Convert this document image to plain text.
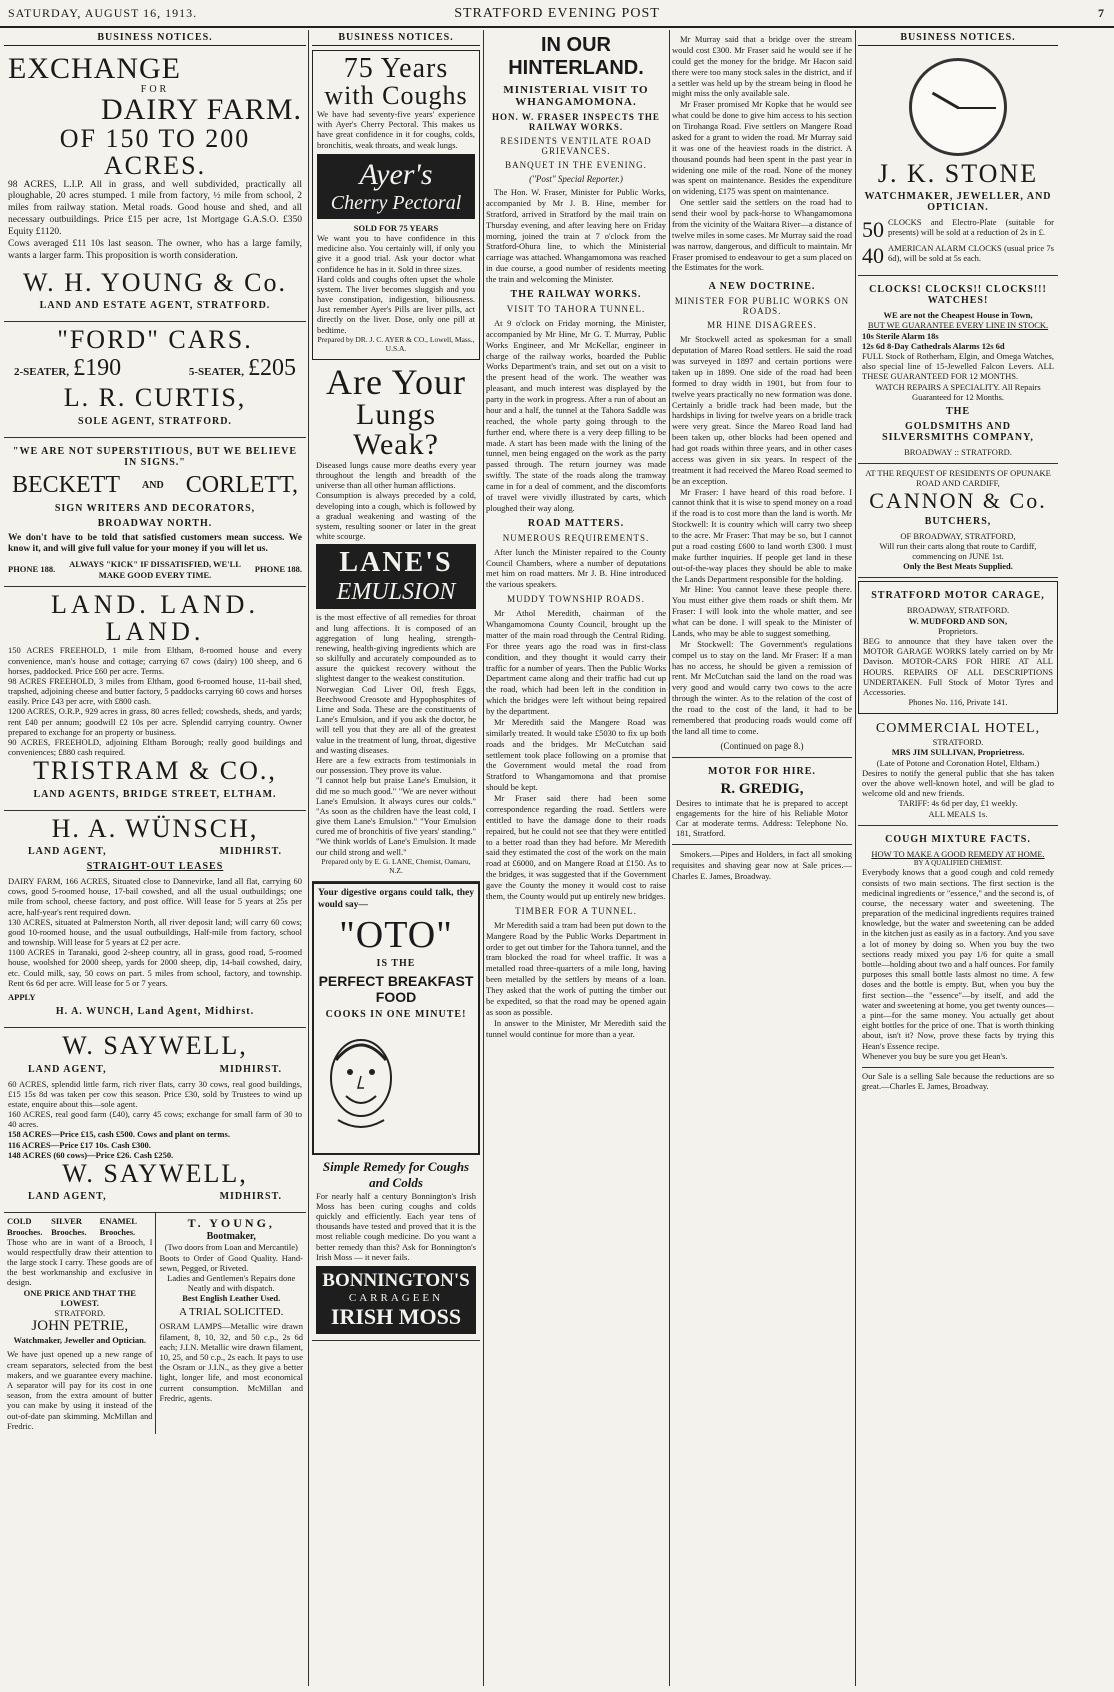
SATURDAY, AUGUST 16, 1913.	STRATFORD EVENING POST	7
BUSINESS NOTICES.
EXCHANGE
FOR
DAIRY FARM.
OF 150 TO 200 ACRES.
98 ACRES, L.I.P. All in grass, and well subdivided, practically all ploughable, 20 acres stumped. 1 mile from factory, ½ mile from school, 2 miles from railway station. Metal roads. Good house and shed, and all necessary outbuildings. Price £15 per acre, 1st Mortgage G.A.S.O. £350 Equity £1120.
Cows averaged £11 10s last season. The owner, who has a large family, wants a larger farm. This proposition is worth consideration.
W. H. YOUNG & Co.
LAND AND ESTATE AGENT, STRATFORD.
"FORD" CARS.
2-SEATER, £190	5-SEATER, £205
L. R. CURTIS,
SOLE AGENT, STRATFORD.
"WE ARE NOT SUPERSTITIOUS, BUT WE BELIEVE IN SIGNS."
BECKETT AND CORLETT,
SIGN WRITERS AND DECORATORS,
BROADWAY NORTH.
We don't have to be told that satisfied customers mean success. We know it, and will give full value for your money if you will let us.
PHONE 188.
ALWAYS "KICK" IF DISSATISFIED, WE'LL MAKE GOOD EVERY TIME.
PHONE 188.
LAND. LAND. LAND.
150 ACRES FREEHOLD, 1 mile from Eltham, 8-roomed house and every convenience, man's house and cottage; carrying 67 cows (dairy) 100 sheep, and 6 horses, paddocked. Price £60 per acre. Terms.
98 ACRES FREEHOLD, 3 miles from Eltham, good 6-roomed house, 11-bail shed, trapshed, adjoining cheese and butter factory, 5 paddocks carrying 60 cows and horses easily. Price £43 per acre, with £800 cash.
1200 ACRES, O.R.P., 929 acres in grass, 80 acres felled; cowsheds, sheds, and yards; rent £40 per annum; goodwill £2 10s per acre. Splendid carrying country. Owner prepared to exchange for an property or business.
90 ACRES, FREEHOLD, adjoining Eltham Borough; really good buildings and conveniences; £880 cash required.
TRISTRAM & CO.,
LAND AGENTS, BRIDGE STREET, ELTHAM.
H. A. WÜNSCH,
LAND AGENT,	MIDHIRST.
STRAIGHT-OUT LEASES
DAIRY FARM, 166 ACRES, Situated close to Dannevirke, land all flat, carrying 60 cows, good 5-roomed house, 17-bail cowshed, and all the usual outbuildings; one mile from school, cheese factory, and post office. Will lease for 5 years at 25s per acre, half-year's rent required down.
130 ACRES, situated at Palmerston North, all river deposit land; will carry 60 cows; good 10-roomed house, and the usual outbuildings, Half-mile from factory, school and township. Will lease for 5 years at £2 per acre.
1100 ACRES in Taranaki, good 2-sheep country, all in grass, good road, 5-roomed house, woolshed for 2000 sheep, yards for 2000 sheep, dip, 14-bail cowshed, dairy, etc. Could milk, say, 50 cows on part. 5 miles from school, factory, and township. Rent 6s 6d per acre. Will lease for 5 or 7 years.
APPLY
H. A. WUNCH, Land Agent, Midhirst.
W. SAYWELL,
LAND AGENT,	MIDHIRST.
60 ACRES, splendid little farm, rich river flats, carry 30 cows, real good buildings, £15 15s 8d was taken per cow this season. Price £30, sold by Trustees to wind up estate, enquire about this—sole agent.
160 ACRES, real good farm (£40), carry 45 cows; exchange for small farm of 30 to 40 acres.
158 ACRES—Price £15, cash £500. Cows and plant on terms.
116 ACRES—Price £17 10s. Cash £300.
148 ACRES (60 cows)—Price £26. Cash £250.
W. SAYWELL,
LAND AGENT,	MIDHIRST.
COLD Brooches.
SILVER Brooches.
ENAMEL Brooches.
Those who are in want of a Brooch, I would respectfully draw their attention to the large stock I carry. These goods are of the best workmanship and exclusive in design.
ONE PRICE AND THAT THE LOWEST.
STRATFORD.
JOHN PETRIE,
Watchmaker, Jeweller and Optician.
We have just opened up a new range of cream separators, selected from the best makers, and we guarantee every machine. A separator will pay for its cost in one season, from the extra amount of butter you can make by using it instead of the out-of-date pan skimming. McMillan and Fredric.
T. YOUNG,
Bootmaker,
(Two doors from Loan and Mercantile)
Boots to Order of Good Quality. Hand-sewn, Pegged, or Riveted.
Ladies and Gentlemen's Repairs done Neatly and with dispatch.
Best English Leather Used.
A TRIAL SOLICITED.
OSRAM LAMPS—Metallic wire drawn filament, 8, 10, 32, and 50 c.p., 2s 6d each; J.I.N. Metallic wire drawn filament, 10, 25, and 50 c.p., 2s each. It pays to use the Osram or J.I.N., as they give a better light, longer life, and most economical current consumption. McMillan and Fredric, agents.
BUSINESS NOTICES.
75 Years
with Coughs
We have had seventy-five years' experience with Ayer's Cherry Pectoral. This makes us have great confidence in it for coughs, colds, bronchitis, weak throats, and weak lungs.
Ayer's
Cherry Pectoral
SOLD FOR 75 YEARS
We want you to have confidence in this medicine also. You certainly will, if only you give it a good trial. Ask your doctor what confidence he has in it. Sold in three sizes.
Hard colds and coughs often upset the whole system. The liver becomes sluggish and you have constipation, indigestion, biliousness. Just remember Ayer's Pills are liver pills, act directly on the liver. Dose, only one pill at bedtime.
Prepared by DR. J. C. AYER & CO., Lowell, Mass., U.S.A.
Are Your
Lungs Weak?
Diseased lungs cause more deaths every year throughout the length and breadth of the universe than all other human afflictions.
Consumption is always preceded by a cold, developing into a cough, which is followed by a gradual weakening and wasting of the system, resulting sooner or later in the great white scourge.
LANE'S
EMULSION
is the most effective of all remedies for throat and lung affections. It is composed of an aggregation of lung healing, strength-renewing, health-giving ingredients which are so skilfully and accurately compounded as to assure the quickest recovery without the slightest danger to the weakest constitution.
Norwegian Cod Liver Oil, fresh Eggs, Beechwood Creosote and Hypophosphites of Lime and Soda. These are the constituents of Lane's Emulsion, and if you ask the doctor, he will tell you that they are all of the greatest value in the treatment of lung, throat, digestive and wasting diseases.
Here are a few extracts from testimonials in our possession. They prove its value.
"I cannot help but praise Lane's Emulsion, it did me so much good." "We are never without Lane's Emulsion. It always cures our colds." "As soon as the children have the least cold, I give them Lane's Emulsion." "Your Emulsion cured me of bronchitis of five years' standing." "We think worlds of Lane's Emulsion. It made our child strong and well."
Prepared only by E. G. LANE, Chemist, Oamaru, N.Z.
Your digestive organs could talk, they would say—
"OTO"
IS THE
PERFECT BREAKFAST FOOD
COOKS IN ONE MINUTE!
Simple Remedy for Coughs and Colds
For nearly half a century Bonnington's Irish Moss has been curing coughs and colds quickly and efficiently. Each year tens of thousands have tested and proved that it is the most reliable cough medicine. Do you want a better remedy than this? Ask for Bonnington's Irish Moss — it never fails.
BONNINGTON'S
CARRAGEEN
IRISH MOSS
IN OUR HINTERLAND.
MINISTERIAL VISIT TO WHANGAMOMONA.
HON. W. FRASER INSPECTS THE RAILWAY WORKS.
RESIDENTS VENTILATE ROAD GRIEVANCES.
BANQUET IN THE EVENING.
("Post" Special Reporter.)

The Hon. W. Fraser, Minister for Public Works, accompanied by Mr J. B. Hine, member for Stratford, arrived in Stratford by the mail train on Thursday evening, and after leaving here on Friday morning, joined the train at 7 o'clock from the Stratford-Ohura line, to which the Ministerial carriage was attached. Whangamomona was reached in due course, a good number of residents meeting the train and welcoming the Minister.

THE RAILWAY WORKS.
VISIT TO TAHORA TUNNEL.

At 9 o'clock on Friday morning, the Minister, accompanied by Mr Hine, Mr G. T. Murray, Public Works Engineer, and Mr McKellar, engineer in charge of the railway works, boarded the Public Works Department's train, and set out on a visit to the present head of the work. The weather was pleasant, and much interest was displayed by the party in the work in progress. After a run of about an hour and a half, the tunnel at the Tahora Saddle was reached, the whole party going through to the further end, where there is a very deep filling to be made. A start has been made with the lining of the tunnel, men being engaged on the work as the party passed through. The return journey was made swiftly. The state of the roads along the tramway came in for a deal of comment, and the discomforts of travel were vividly illustrated by carts, which ploughed their way along.

ROAD MATTERS.
NUMEROUS REQUIREMENTS.

After lunch the Minister repaired to the County Council Chambers, where a number of deputations met him on road matters. Mr J. B. Hine introduced the various speakers.

MUDDY TOWNSHIP ROADS.

Mr Athol Meredith, chairman of the Whangamomona County Council, brought up the matter of the main road through the Central Riding. For three years ago the road was in first-class condition, and they thought it would carry their traffic for a number of years. Then the Public Works Department came along and their traffic had cut up the road, which had been left in the condition in which the bridges were left without being repaired by the department.

Mr Meredith said the Mangere Road was similarly treated. It would take £5030 to fix up both roads and the bridges. Mr McCutchan said settlement took place following on a promise that the Government would metal the road from Stratford to Whangamomona and that promise should be kept.

Mr Fraser said there had been some correspondence regarding the road. Settlers were entitled to have the damage done to their roads repaired, but he could not see that they were entitled to a better road than they had before. Mr Meredith said they estimated the cost of the work on the main road at £6000, and on Mangere Road at £150. As to the bridges, it was suggested that if the Government gave the County the money it would cost to raise them, the County would put up entirely new bridges.

TIMBER FOR A TUNNEL.

Mr Meredith said a tram had been put down to the Mangere Road by the Public Works Department in order to get out timber for the Tahora tunnel, and the tram blocked the road for wheel traffic. It was a metalled road three-quarters of a mile long, having been metalled by the settlers by means of a loan. They asked that the work of putting the timber out be expedited, so that the road may be opened again as soon as possible.

In answer to the Minister, Mr Meredith said the tunnel would continue for more than a year.

Mr Murray said that a bridge over the stream would cost £300. Mr Fraser said he would see if he could get the money for the bridge. Mr Hacon said there were too many stock sales in the district, and if a settler was held up by the stream being in flood he might miss the only available sale.

Mr Fraser promised Mr Kopke that he would see what could be done to give him access to his section on Tirohanga Road. Five settlers on Mangere Road asked for a grant to widen the road. Mr Murray said it was one of the heaviest roads in the district. A thousand pounds had been spent in the past year in widening one mile of the road. None of the money was spent on maintenance. Besides the expenditure on widening, £175 was spent on maintenance.

One settler said the settlers on the road had to send their wool by pack-horse to Whangamomona from the vicinity of the Waitara River—a distance of twelve miles in some cases. Mr Murray said the road was narrow, dangerous, and difficult to maintain. Mr Fraser promised to endeavour to get a sum placed on the Estimates for the work.

A NEW DOCTRINE.
MINISTER FOR PUBLIC WORKS ON ROADS.
MR HINE DISAGREES.

Mr Stockwell acted as spokesman for a small deputation of Mareo Road settlers. He said the road was surveyed in 1897 and certain portions were taken up in 1899. One side of the road had been formed to dray width in 1901, but from four to twelve years practically no new formation was done. Certainly a bridle track had been made, but the hardships in living for twelve years on a bridle track were very great. Since the Mareo Road land had been taken up, other blocks had been opened and had got roads within three years, and in other cases access was given in six years. In respect of the treatment it had received the Mareo Road seemed to be an exception.

Mr Fraser: I have heard of this road before. I cannot think that it is wise to spend money on a road if the road is to cost more than the land is worth. Mr Stockwell: It is country which will carry two sheep to the acre. Mr Fraser: That may be so, but I cannot put a road costing £600 to land worth £300. I must make further inquiries. If people get land in these out-of-the-way places they should be able to make the Lands Department responsible for the holding.

Mr Hine: You cannot leave these people there. You must either give them roads or shift them. Mr Fraser: I will look into the whole matter, and see what can be done. I will speak to the Minister of Lands, who may be able to suggest something.

Mr Stockwell: The Government's regulations compel us to stay on the land. Mr Fraser: If a man has no access, he should be given a remission of rent. Mr McCutchan said the land on the road was very good and would carry two cows to the acre through the winter. As to the relation of the cost of the road to the cost of the land, it had to be remembered that producing roads would come off the land all time to come.

(Continued on page 8.)
MOTOR FOR HIRE.
R. GREDIG,
Desires to intimate that he is prepared to accept engagements for the hire of his Reliable Motor Car at moderate terms. Address: Telephone No. 181, Stratford.

Smokers.—Pipes and Holders, in fact all smoking requisites and shaving gear now at Sale prices.—Charles E. James, Broadway.

BUSINESS NOTICES.
J. K. STONE
WATCHMAKER, JEWELLER, AND OPTICIAN.
50 CLOCKS and Electro-Plate (suitable for presents) will be sold at a reduction of 2s in £.
40 AMERICAN ALARM CLOCKS (usual price 7s 6d), will be sold at 5s each.
CLOCKS! CLOCKS!! CLOCKS!!! WATCHES!
WE are not the Cheapest House in Town,
BUT WE GUARANTEE EVERY LINE IN STOCK.
10s Sterile Alarm 18s
12s 6d 8-Day Cathedrals Alarms 12s 6d
FULL Stock of Rotherham, Elgin, and Omega Watches, also special line of 15-Jewelled Falcon Levers. ALL THESE GUARANTEED FOR 12 MONTHS.
WATCH REPAIRS A SPECIALITY. All Repairs Guaranteed for 12 Months.
THE
GOLDSMITHS AND SILVERSMITHS COMPANY,
BROADWAY :: STRATFORD.
AT THE REQUEST OF RESIDENTS OF OPUNAKE ROAD AND CARDIFF,
CANNON & Co.
BUTCHERS,
OF BROADWAY, STRATFORD,
Will run their carts along that route to Cardiff, commencing on JUNE 1st.
Only the Best Meats Supplied.
STRATFORD MOTOR CARAGE,
BROADWAY, STRATFORD.
W. MUDFORD AND SON,
Proprietors.
BEG to announce that they have taken over the MOTOR GARAGE WORKS lately carried on by Mr Davison. MOTOR-CARS FOR HIRE AT ALL HOURS. REPAIRS OF ALL DESCRIPTIONS UNDERTAKEN. Full Stock of Motor Tyres and Accessories.
Phones No. 116, Private 141.
COMMERCIAL HOTEL,
STRATFORD.
MRS JIM SULLIVAN, Proprietress.
(Late of Potone and Coronation Hotel, Eltham.)
Desires to notify the general public that she has taken over the above well-known hotel, and will be glad to welcome old and new friends.
TARIFF: 4s 6d per day, £1 weekly.
ALL MEALS 1s.
COUGH MIXTURE FACTS.
HOW TO MAKE A GOOD REMEDY AT HOME.
BY A QUALIFIED CHEMIST.
Everybody knows that a good cough and cold remedy consists of two main sections. The first section is the medicinal ingredients or "essence," and the second is, of course, the necessary water and sweetening. The preparation of the medicinal ingredients requires trained knowledge, but the water and sweetening can be added in the kitchen just as easily as in a factory. And you save a lot of money by doing so. When you buy the two sections ready mixed you pay 1/6 for quite a small bottle—holding about two and a half ounces. For family purposes this small bottle lasts almost no time. A few doses and the bottle is empty. But, when you buy the first section—the "essence"—by itself, and add the water and sweetening at home, you get twenty ounces—a pint—for the same money. You actually get about eight bottles for the price of one. That is worth thinking about, isn't it? Now, prove these facts by trying this Hean's Essence recipe.
Whenever you buy be sure you get Hean's.
Our Sale is a selling Sale because the reductions are so great.—Charles E. James, Broadway.
